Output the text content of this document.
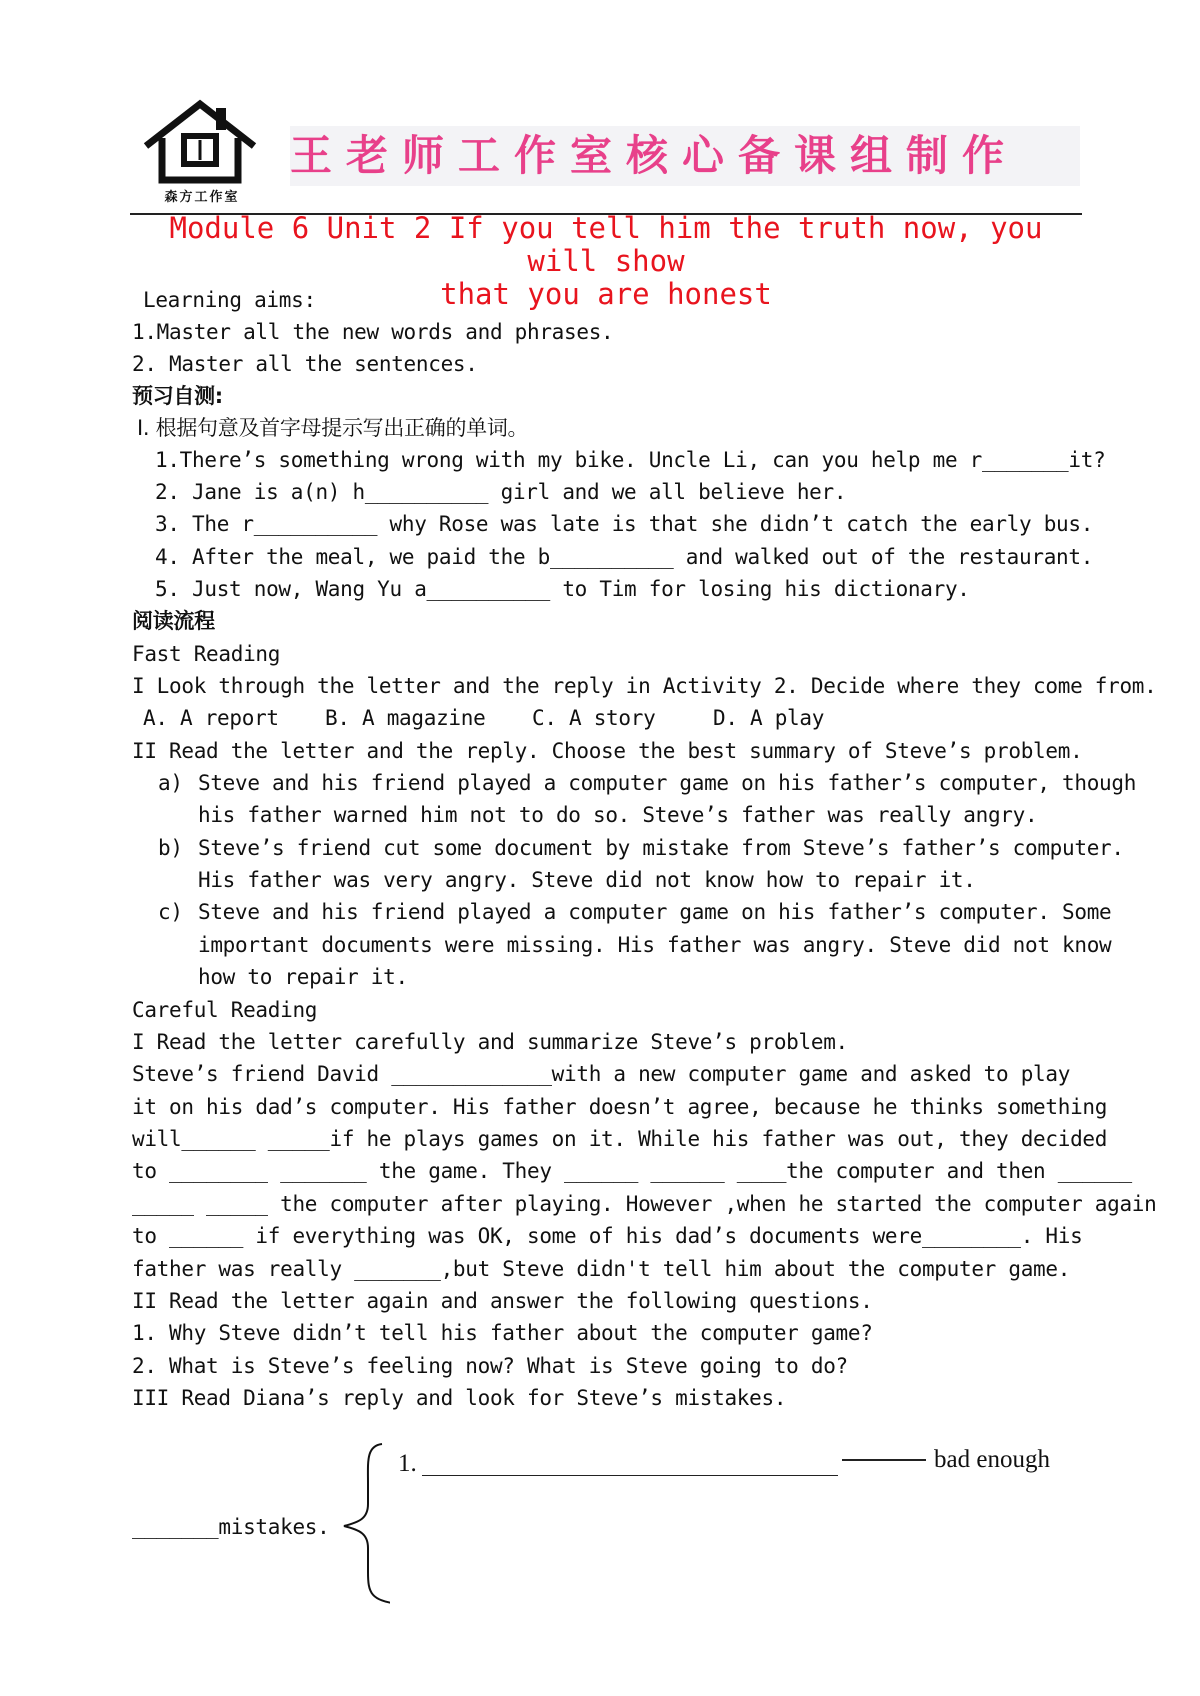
森方工作室
王老师工作室核心备课组制作
Module 6 Unit 2 If you tell him the truth now, you will show
that you are honest
Learning aims:
1.Master all the new words and phrases.
2. Master all the sentences.
预习自测:
Ⅰ. 根据句意及首字母提示写出正确的单词。
1.There’s something wrong with my bike. Uncle Li, can you help me r_______it?
2. Jane is a(n) h__________ girl and we all believe her.
3. The r__________ why Rose was late is that she didn’t catch the early bus.
4. After the meal, we paid the b__________ and walked out of the restaurant.
5. Just now, Wang Yu a__________ to Tim for losing his dictionary.
阅读流程
Fast Reading
I Look through the letter and the reply in Activity 2. Decide where they come from.
A. A report B. A magazine C. A story	D. A play
II Read the letter and the reply. Choose the best summary of Steve’s problem.
a) Steve and his friend played a computer game on his father’s computer, though
his father warned him not to do so. Steve’s father was really angry.
b) Steve’s friend cut some document by mistake from Steve’s father’s computer.
His father was very angry. Steve did not know how to repair it.
c) Steve and his friend played a computer game on his father’s computer. Some
important documents were missing. His father was angry. Steve did not know
how to repair it.
Careful Reading
I Read the letter carefully and summarize Steve’s problem.
Steve’s friend David _____________with a new computer game and asked to play
it on his dad’s computer. His father doesn’t agree, because he thinks something
will______ _____if he plays games on it. While his father was out, they decided
to ________ _______ the game. They ______ ______ ____the computer and then ______
_____ _____ the computer after playing. However ,when he started the computer again
to ______ if everything was OK, some of his dad’s documents were________. His
father was really _______,but Steve didn't tell him about the computer game.
II Read the letter again and answer the following questions.
1. Why Steve didn’t tell his father about the computer game?
2. What is Steve’s feeling now? What is Steve going to do?
III Read Diana’s reply and look for Steve’s mistakes.
_______mistakes.
1.	bad enough
